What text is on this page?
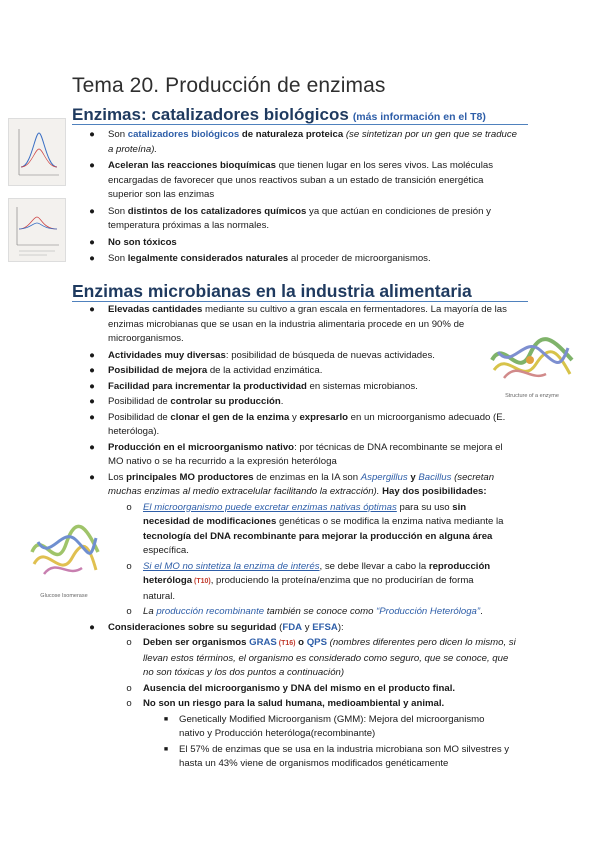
Tema 20. Producción de enzimas
Enzimas: catalizadores biológicos (más información en el T8)
● Son catalizadores biológicos de naturaleza proteica (se sintetizan por un gen que se traduce
a proteína).
● Aceleran las reacciones bioquímicas que tienen lugar en los seres vivos. Las moléculas
encargadas de favorecer que unos reactivos suban a un estado de transición energética
superior son las enzimas
● Son distintos de los catalizadores químicos ya que actúan en condiciones de presión y
temperatura próximas a las normales.
● No son tóxicos
● Son legalmente considerados naturales al proceder de microorganismos.
Enzimas microbianas en la industria alimentaria
Structure of a enzyme
Glucose Isomerase
● Elevadas cantidades mediante su cultivo a gran escala en fermentadores. La mayoría de las
enzimas microbianas que se usan en la industria alimentaria procede en un 90% de
microorganismos.
● Actividades muy diversas: posibilidad de búsqueda de nuevas actividades.
● Posibilidad de mejora de la actividad enzimática.
● Facilidad para incrementar la productividad en sistemas microbianos.
● Posibilidad de controlar su producción.
● Posibilidad de clonar el gen de la enzima y expresarlo en un microorganismo adecuado (E.
heteróloga).
● Producción en el microorganismo nativo: por técnicas de DNA recombinante se mejora el
MO nativo o se ha recurrido a la expresión heteróloga
● Los principales MO productores de enzimas en la IA son Aspergillus y Bacillus (secretan
muchas enzimas al medio extracelular facilitando la extracción). Hay dos posibilidades:
o El microorganismo puede excretar enzimas nativas óptimas para su uso sin
necesidad de modificaciones genéticas o se modifica la enzima nativa mediante la
tecnología del DNA recombinante para mejorar la producción en alguna área
específica.
o Si el MO no sintetiza la enzima de interés, se debe llevar a cabo la reproducción
heteróloga (T10), produciendo la proteína/enzima que no producirían de forma
natural.
o La producción recombinante también se conoce como “Producción Heteróloga”.
● Consideraciones sobre su seguridad (FDA y EFSA):
o Deben ser organismos GRAS (T16) o QPS (nombres diferentes pero dicen lo mismo, si
llevan estos términos, el organismo es considerado como seguro, que se conoce, que
no son tóxicas y los dos puntos a continuación)
o Ausencia del microorganismo y DNA del mismo en el producto final.
o No son un riesgo para la salud humana, medioambiental y animal.
■ Genetically Modified Microorganism (GMM): Mejora del microorganismo
nativo y Producción heteróloga(recombinante)
■ El 57% de enzimas que se usa en la industria microbiana son MO silvestres y
hasta un 43% viene de organismos modificados genéticamente
